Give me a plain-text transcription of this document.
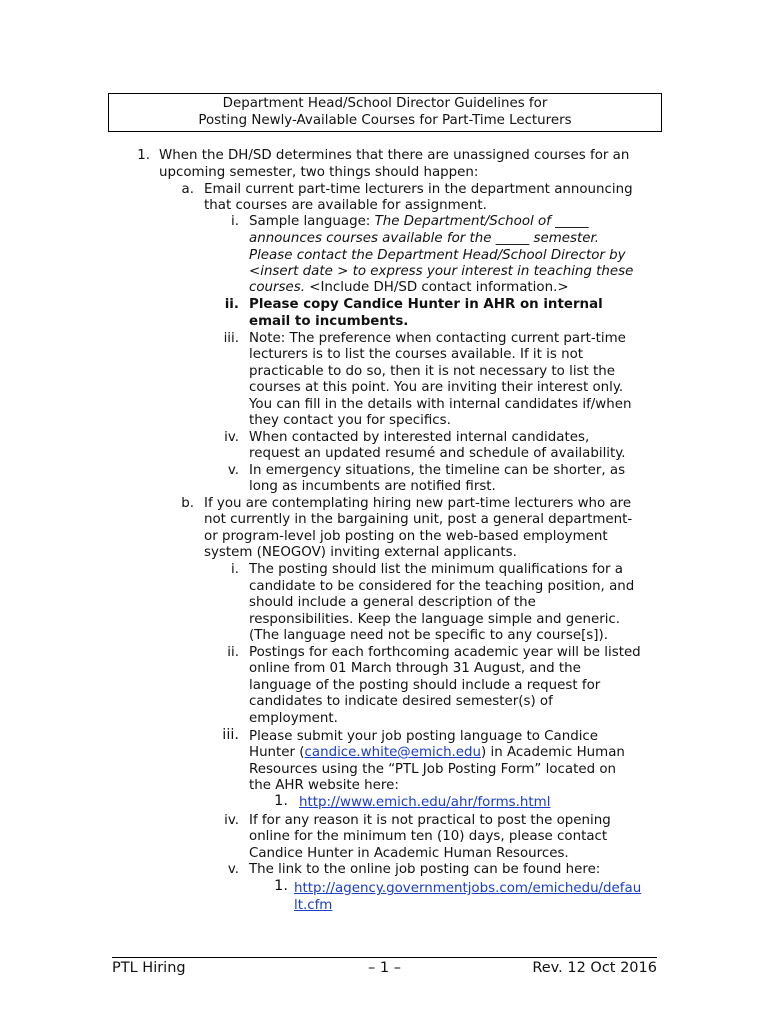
Department Head/School Director Guidelines for
Posting Newly-Available Courses for Part-Time Lecturers
1. When the DH/SD determines that there are unassigned courses for an
upcoming semester, two things should happen:
a. Email current part-time lecturers in the department announcing
that courses are available for assignment.
i. Sample language: The Department/School of _____
announces courses available for the _____ semester.
Please contact the Department Head/School Director by
<insert date > to express your interest in teaching these
courses. <Include DH/SD contact information.>
ii. Please copy Candice Hunter in AHR on internal
email to incumbents.
iii. Note: The preference when contacting current part-time
lecturers is to list the courses available. If it is not
practicable to do so, then it is not necessary to list the
courses at this point. You are inviting their interest only.
You can fill in the details with internal candidates if/when
they contact you for specifics.
iv. When contacted by interested internal candidates,
request an updated resumé and schedule of availability.
v. In emergency situations, the timeline can be shorter, as
long as incumbents are notified first.
b. If you are contemplating hiring new part-time lecturers who are
not currently in the bargaining unit, post a general department-
or program-level job posting on the web-based employment
system (NEOGOV) inviting external applicants.
i. The posting should list the minimum qualifications for a
candidate to be considered for the teaching position, and
should include a general description of the
responsibilities. Keep the language simple and generic.
(The language need not be specific to any course[s]).
ii. Postings for each forthcoming academic year will be listed
online from 01 March through 31 August, and the
language of the posting should include a request for
candidates to indicate desired semester(s) of
employment.
iii. Please submit your job posting language to Candice
Hunter (candice.white@emich.edu) in Academic Human
Resources using the “PTL Job Posting Form” located on
the AHR website here:
1. http://www.emich.edu/ahr/forms.html
iv. If for any reason it is not practical to post the opening
online for the minimum ten (10) days, please contact
Candice Hunter in Academic Human Resources.
v. The link to the online job posting can be found here:
1. http://agency.governmentjobs.com/emichedu/defau
lt.cfm
PTL Hiring	– 1 –	Rev. 12 Oct 2016
